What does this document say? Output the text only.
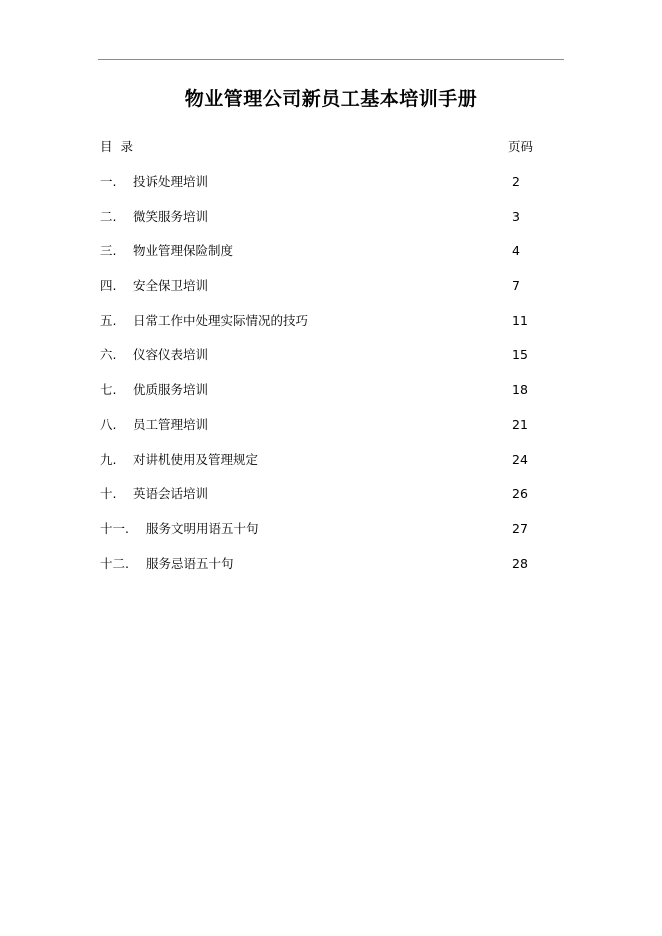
物业管理公司新员工基本培训手册
目录	页码
一. 投诉处理培训	2
二. 微笑服务培训	3
三. 物业管理保险制度	4
四. 安全保卫培训	7
五. 日常工作中处理实际情况的技巧	11
六. 仪容仪表培训	15
七. 优质服务培训	18
八. 员工管理培训	21
九. 对讲机使用及管理规定	24
十. 英语会话培训	26
十一. 服务文明用语五十句	27
十二. 服务忌语五十句	28
